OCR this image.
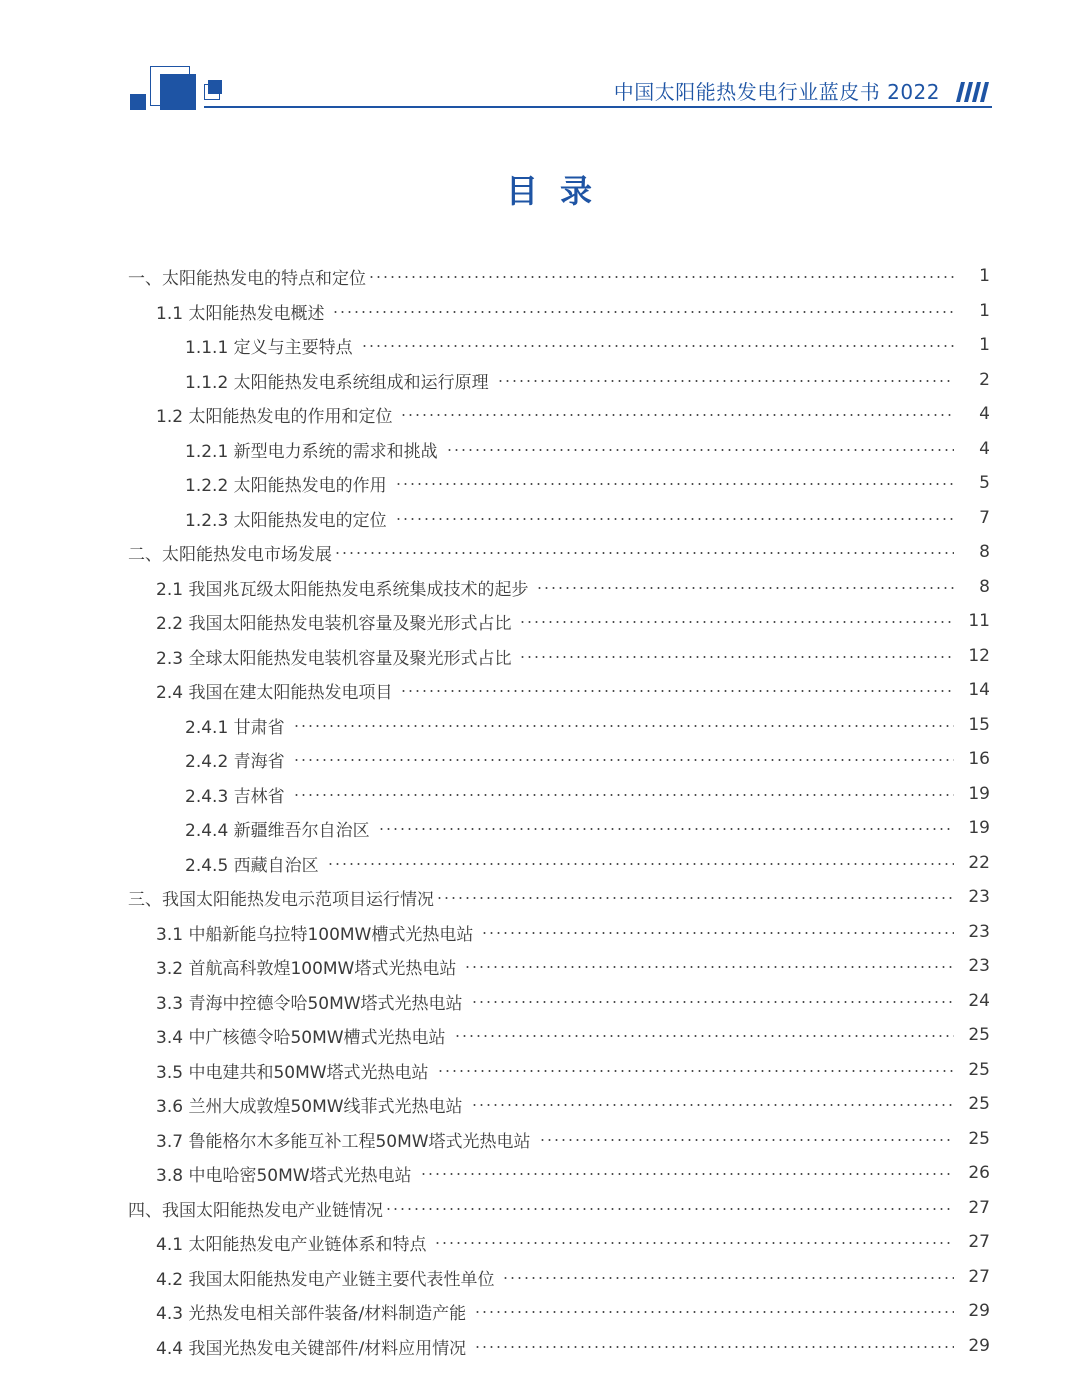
中国太阳能热发电行业蓝皮书 2022
目录
一、太阳能热发电的特点和定位	1
1.1 太阳能热发电概述	1
1.1.1 定义与主要特点	1
1.1.2 太阳能热发电系统组成和运行原理	2
1.2 太阳能热发电的作用和定位	4
1.2.1 新型电力系统的需求和挑战	4
1.2.2 太阳能热发电的作用	5
1.2.3 太阳能热发电的定位	7
二、太阳能热发电市场发展	8
2.1 我国兆瓦级太阳能热发电系统集成技术的起步	8
2.2 我国太阳能热发电装机容量及聚光形式占比	11
2.3 全球太阳能热发电装机容量及聚光形式占比	12
2.4 我国在建太阳能热发电项目	14
2.4.1 甘肃省	15
2.4.2 青海省	16
2.4.3 吉林省	19
2.4.4 新疆维吾尔自治区	19
2.4.5 西藏自治区	22
三、我国太阳能热发电示范项目运行情况	23
3.1 中船新能乌拉特100MW槽式光热电站	23
3.2 首航高科敦煌100MW塔式光热电站	23
3.3 青海中控德令哈50MW塔式光热电站	24
3.4 中广核德令哈50MW槽式光热电站	25
3.5 中电建共和50MW塔式光热电站	25
3.6 兰州大成敦煌50MW线菲式光热电站	25
3.7 鲁能格尔木多能互补工程50MW塔式光热电站	25
3.8 中电哈密50MW塔式光热电站	26
四、我国太阳能热发电产业链情况	27
4.1 太阳能热发电产业链体系和特点	27
4.2 我国太阳能热发电产业链主要代表性单位	27
4.3 光热发电相关部件装备/材料制造产能	29
4.4 我国光热发电关键部件/材料应用情况	29
